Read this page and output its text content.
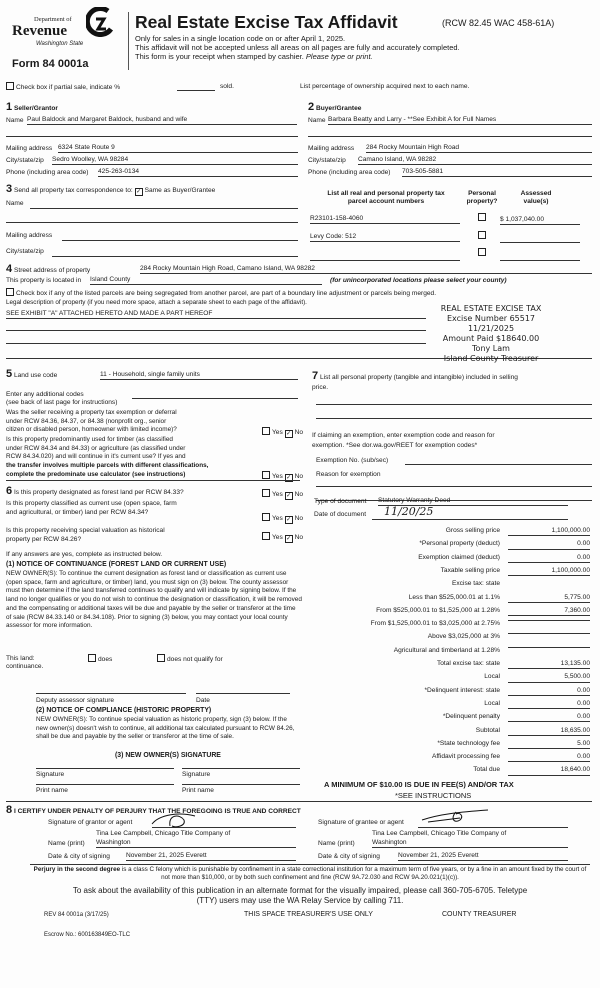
Department of
Revenue
Washington State
Form 84 0001a
Real Estate Excise Tax Affidavit	(RCW 82.45 WAC 458-61A)
Only for sales in a single location code on or after April 1, 2025.
This affidavit will not be accepted unless all areas on all pages are fully and accurately completed.
This form is your receipt when stamped by cashier. Please type or print.
Check box if partial sale, indicate %	sold.	List percentage of ownership acquired next to each name.
1 Seller/Grantor
Name Paul Baldock and Margaret Baldock, husband and wife
Mailing address 6324 State Route 9
City/state/zip Sedro Woolley, WA 98284
Phone (including area code) 425-263-0134
2 Buyer/Grantee
Name Barbara Beatty and Larry - **See Exhibit A for Full Names
Mailing address 284 Rocky Mountain High Road
City/state/zip Camano Island, WA 98282
Phone (including area code) 703-505-5881
3 Send all property tax correspondence to: ✓ Same as Buyer/Grantee
Name
Mailing address
City/state/zip
List all real and personal property tax
parcel account numbers
Personal
property?
Assessed
value(s)
R23101-158-4060	$ 1,037,040.00
Levy Code: 512
4 Street address of property	284 Rocky Mountain High Road, Camano Island, WA 98282
This property is located in Island County	(for unincorporated locations please select your county)
Check box if any of the listed parcels are being segregated from another parcel, are part of a boundary line adjustment or parcels being merged.
Legal description of property (if you need more space, attach a separate sheet to each page of the affidavit).
SEE EXHIBIT "A" ATTACHED HERETO AND MADE A PART HEREOF
REAL ESTATE EXCISE TAX
Excise Number 65517
11/21/2025
Amount Paid $18640.00
Tony Lam
Island County Treasurer
5 Land use code	11 - Household, single family units
Enter any additional codes
(see back of last page for instructions)
Was the seller receiving a property tax exemption or deferral
under RCW 84.36, 84.37, or 84.38 (nonprofit org., senior
citizen or disabled person, homeowner with limited income)?	Yes ✓ No
Is this property predominantly used for timber (as classified
under RCW 84.34 and 84.33) or agriculture (as classified under
RCW 84.34.020) and will continue in it's current use? If yes and
the transfer involves multiple parcels with different classifications,
complete the predominate use calculator (see instructions)	Yes ✓ No
7 List all personal property (tangible and intangible) included in selling
price.
If claiming an exemption, enter exemption code and reason for
exemption. *See dor.wa.gov/REET for exemption codes*
Exemption No. (sub/sec)
Reason for exemption
6 Is this property designated as forest land per RCW 84.33?	Yes ✓ No
Is this property classified as current use (open space, farm
and agricultural, or timber) land per RCW 84.34?
Yes ✓ No
Is this property receiving special valuation as historical
property per RCW 84.26?	Yes ✓ No
If any answers are yes, complete as instructed below.
(1) NOTICE OF CONTINUANCE (FOREST LAND OR CURRENT USE)
NEW OWNER(S): To continue the current designation as forest land or classification as current use (open space, farm and agriculture, or timber) land, you must sign on (3) below. The county assessor must then determine if the land transferred continues to qualify and will indicate by signing below. If the land no longer qualifies or you do not wish to continue the designation or classification, it will be removed and the compensating or additional taxes will be due and payable by the seller or transferor at the time of sale (RCW 84.33.140 or 84.34.108). Prior to signing (3) below, you may contact your local county assessor for more information.
This land:	does	does not qualify for
continuance.
Deputy assessor signature	Date
(2) NOTICE OF COMPLIANCE (HISTORIC PROPERTY)
NEW OWNER(S): To continue special valuation as historic property, sign (3) below. If the new owner(s) doesn't wish to continue, all additional tax calculated pursuant to RCW 84.26, shall be due and payable by the seller or transferor at the time of sale.
(3) NEW OWNER(S) SIGNATURE
Signature	Signature
Print name	Print name
Type of document Statutory Warranty Deed
Date of document 11/20/25
Gross selling price	1,100,000.00
*Personal property (deduct)	0.00
Exemption claimed (deduct)	0.00
Taxable selling price	1,100,000.00
Excise tax: state
Less than $525,000.01 at 1.1%	5,775.00
From $525,000.01 to $1,525,000 at 1.28%	7,360.00
From $1,525,000.01 to $3,025,000 at 2.75%
Above $3,025,000 at 3%
Agricultural and timberland at 1.28%
Total excise tax: state	13,135.00
Local	5,500.00
*Delinquent interest: state	0.00
Local	0.00
*Delinquent penalty	0.00
Subtotal	18,635.00
*State technology fee	5.00
Affidavit processing fee	0.00
Total due	18,640.00
A MINIMUM OF $10.00 IS DUE IN FEE(S) AND/OR TAX
*SEE INSTRUCTIONS
8 I CERTIFY UNDER PENALTY OF PERJURY THAT THE FOREGOING IS TRUE AND CORRECT
Signature of grantor or agent	Signature of grantee or agent
Tina Lee Campbell, Chicago Title Company of
Name (print) Washington
Date & city of signing November 21, 2025 Everett
Tina Lee Campbell, Chicago Title Company of
Name (print)	Washington
Date & city of signing	November 21, 2025 Everett
Perjury in the second degree is a class C felony which is punishable by confinement in a state correctional institution for a maximum term of five years, or by a fine in an amount fixed by the court of not more than $10,000, or by both such confinement and fine (RCW 9A.72.030 and RCW 9A.20.021(1)(c)).
To ask about the availability of this publication in an alternate format for the visually impaired, please call 360-705-6705. Teletype
(TTY) users may use the WA Relay Service by calling 711.
REV 84 0001a (3/17/25)	THIS SPACE TREASURER'S USE ONLY	COUNTY TREASURER
Escrow No.: 600163849EO-TLC
